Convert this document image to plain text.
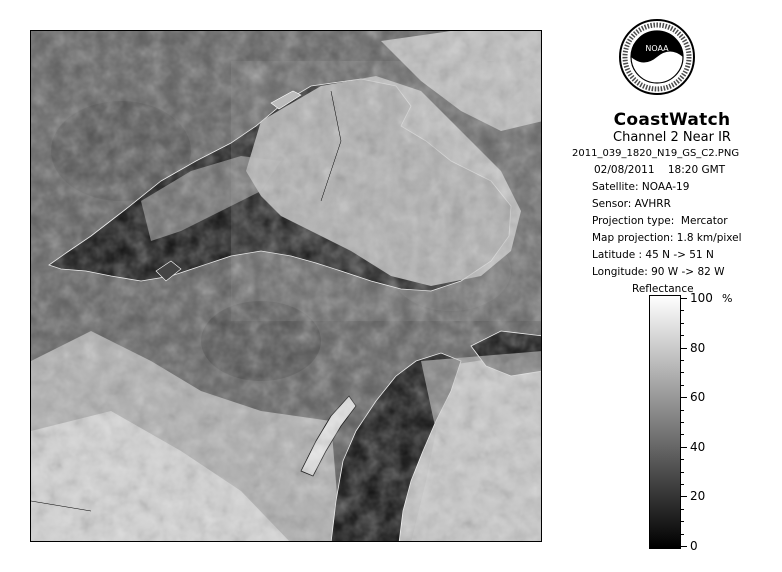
NOAA
CoastWatch
Channel 2 Near IR
2011_039_1820_N19_GS_C2.PNG
02/08/2011    18:20 GMT
Satellite: NOAA-19
Sensor: AVHRR
Projection type:  Mercator
Map projection: 1.8 km/pixel
Latitude : 45 N -> 51 N
Longitude: 90 W -> 82 W
Reflectance
%
100
80
60
40
20
0
